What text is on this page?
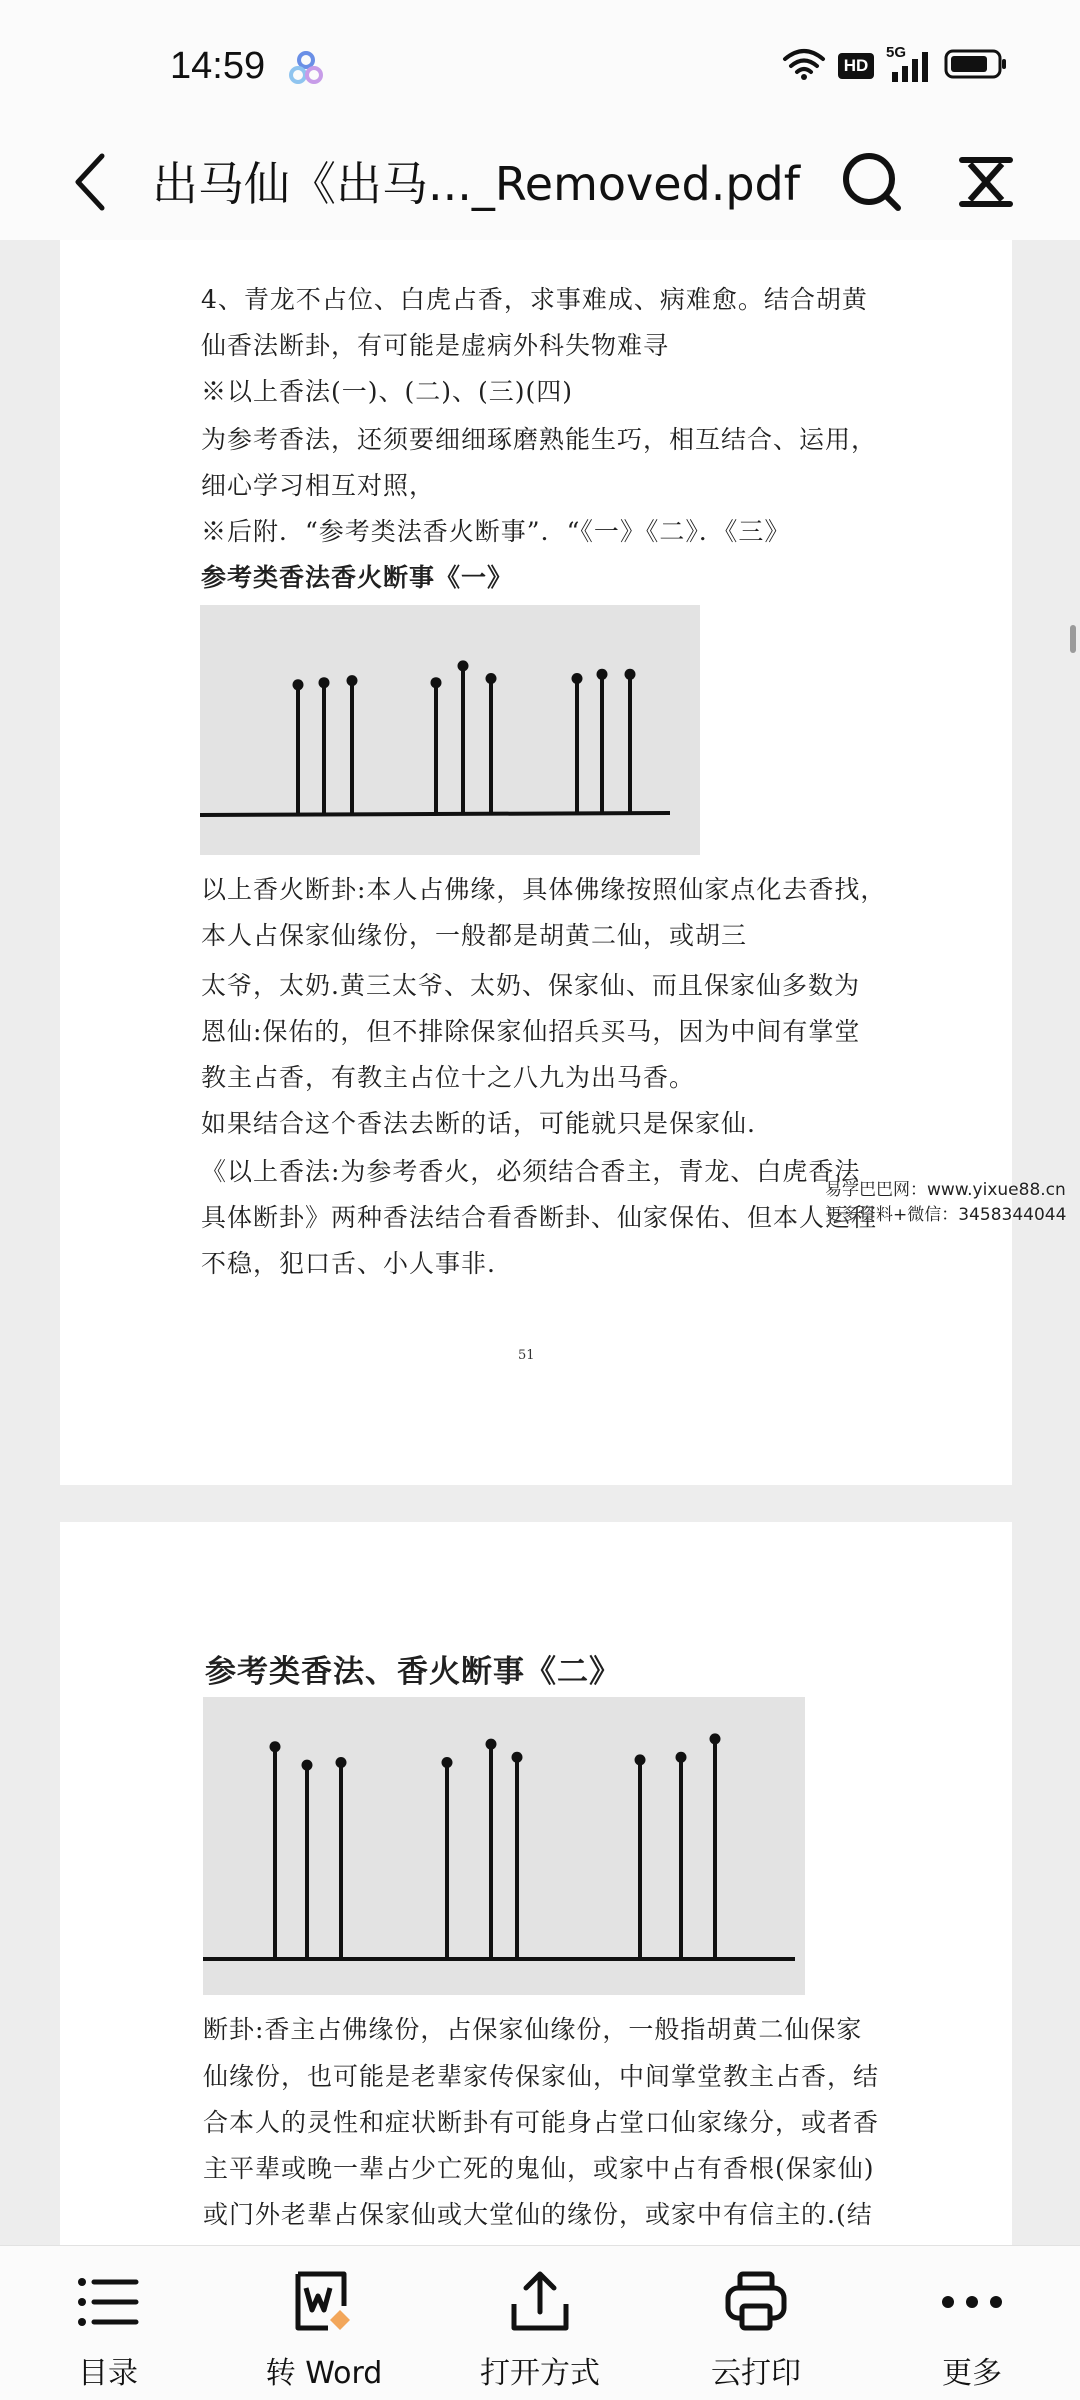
14:59	HD
5G
出马仙《出马..._Removed.pdf
4、青龙不占位、白虎占香，求事难成、病难愈。结合胡黄
仙香法断卦，有可能是虚病外科失物难寻
※以上香法(一)、(二)、(三)(四)
为参考香法，还须要细细琢磨熟能生巧，相互结合、运用，
细心学习相互对照，
※后附．“参考类法香火断事”．“《一》《二》．《三》
参考类香法香火断事《一》
以上香火断卦:本人占佛缘，具体佛缘按照仙家点化去香找，
本人占保家仙缘份，一般都是胡黄二仙，或胡三
太爷，太奶.黄三太爷、太奶、保家仙、而且保家仙多数为
恩仙:保佑的，但不排除保家仙招兵买马，因为中间有掌堂
教主占香，有教主占位十之八九为出马香。
如果结合这个香法去断的话，可能就只是保家仙.
《以上香法:为参考香火，必须结合香主，青龙、白虎香法
具体断卦》两种香法结合看香断卦、仙家保佑、但本人运程
不稳，犯口舌、小人事非.
51
易学巴巴网：www.yixue88.cn
更多资料+微信：3458344044
参考类香法、香火断事《二》
断卦:香主占佛缘份，占保家仙缘份，一般指胡黄二仙保家
仙缘份，也可能是老辈家传保家仙，中间掌堂教主占香，结
合本人的灵性和症状断卦有可能身占堂口仙家缘分，或者香
主平辈或晚一辈占少亡死的鬼仙，或家中占有香根(保家仙)
或门外老辈占保家仙或大堂仙的缘份，或家中有信主的.(结
目录	转 Word	打开方式	云打印	更多
